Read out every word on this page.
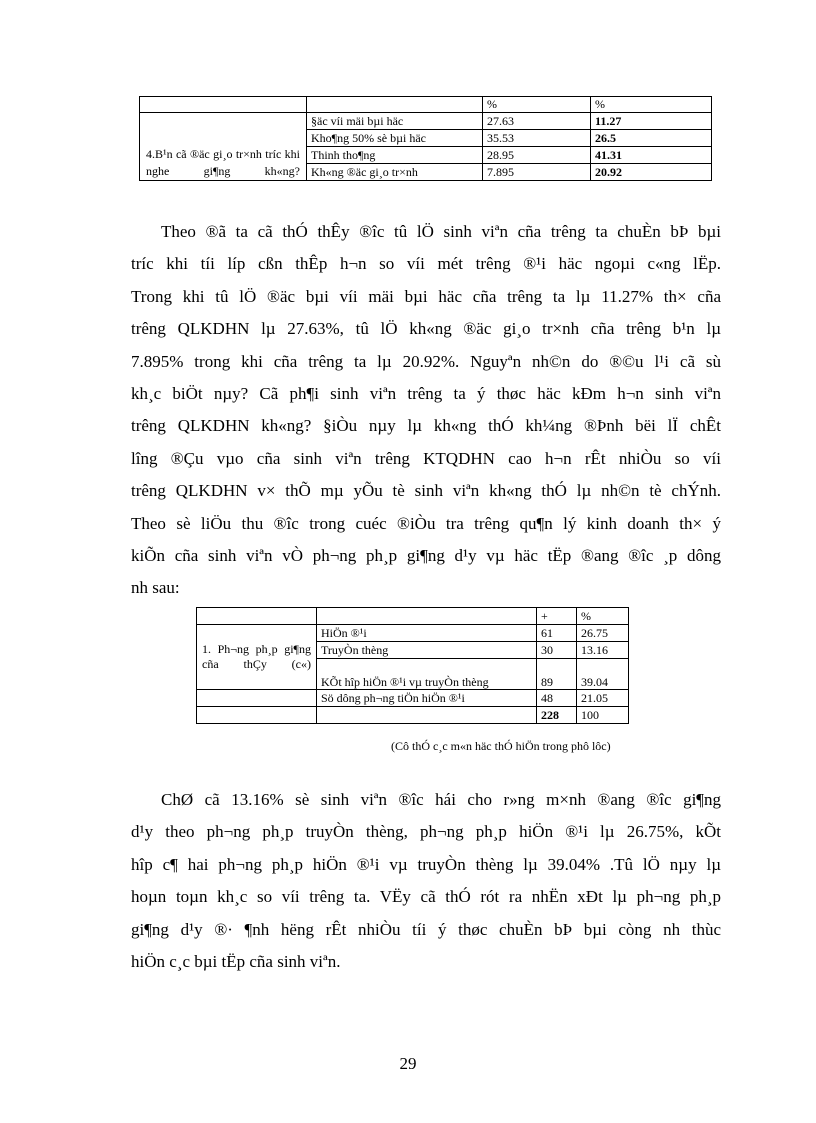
		%	%
4.B¹n cã ®äc gi¸o tr×nh tríc khi nghe gi¶ng kh«ng?	§äc víi mäi bµi häc	27.63	11.27
	Kho¶ng 50% sè bµi häc	35.53	26.5
	Thinh tho¶ng	28.95	41.31
	Kh«ng ®äc gi¸o tr×nh	7.895	20.92
Theo ®ã ta cã thÓ thÊy ®îc tû lÖ sinh viªn cña trêng ta chuÈn bÞ bµi
tríc khi tíi líp cßn thÊp h¬n so víi mét trêng ®¹i häc ngoµi c«ng lËp.
Trong khi tû lÖ ®äc bµi víi mäi bµi häc cña trêng ta lµ 11.27% th× cña
trêng QLKDHN lµ 27.63%, tû lÖ kh«ng ®äc gi¸o tr×nh cña trêng b¹n lµ
7.895% trong khi cña trêng ta lµ 20.92%. Nguyªn nh©n do ®©u l¹i cã sù
kh¸c biÖt nµy? Cã ph¶i sinh viªn trêng ta ý thøc häc kÐm h¬n sinh viªn
trêng QLKDHN kh«ng? §iÒu nµy lµ kh«ng thÓ kh¼ng ®Þnh bëi lÏ chÊt
lîng ®Çu vµo cña sinh viªn trêng KTQDHN cao h¬n rÊt nhiÒu so víi
trêng QLKDHN v× thÕ mµ yÕu tè sinh viªn kh«ng thÓ lµ nh©n tè chÝnh.
Theo sè liÖu thu ®îc trong cuéc ®iÒu tra trêng qu¶n lý kinh doanh th× ý
kiÕn cña sinh viªn vÒ ph¬ng ph¸p gi¶ng d¹y vµ häc tËp ®ang ®îc ¸p dông
nh sau:
		+	%
1. Ph¬ng ph¸p gi¶ng cña thÇy (c«)	HiÖn ®¹i	61	26.75
	TruyÒn thèng	30	13.16
	KÕt hîp hiÖn ®¹i vµ truyÒn thèng	89	39.04
	Sö dông ph¬ng tiÖn hiÖn ®¹i	48	21.05
		228	100
(Cô thÓ c¸c m«n häc thÓ hiÖn trong phô lôc)
ChØ cã 13.16% sè sinh viªn ®îc hái cho r»ng m×nh ®ang ®îc gi¶ng
d¹y theo ph¬ng ph¸p truyÒn thèng, ph¬ng ph¸p hiÖn ®¹i lµ 26.75%, kÕt
hîp c¶ hai ph¬ng ph¸p hiÖn ®¹i vµ truyÒn thèng lµ 39.04% .Tû lÖ nµy lµ
hoµn toµn kh¸c so víi trêng ta. VËy cã thÓ rót ra nhËn xÐt lµ ph¬ng ph¸p
gi¶ng d¹y ®· ¶nh hëng rÊt nhiÒu tíi ý thøc chuÈn bÞ bµi còng nh thùc
hiÖn c¸c bµi tËp cña sinh viªn.
29
